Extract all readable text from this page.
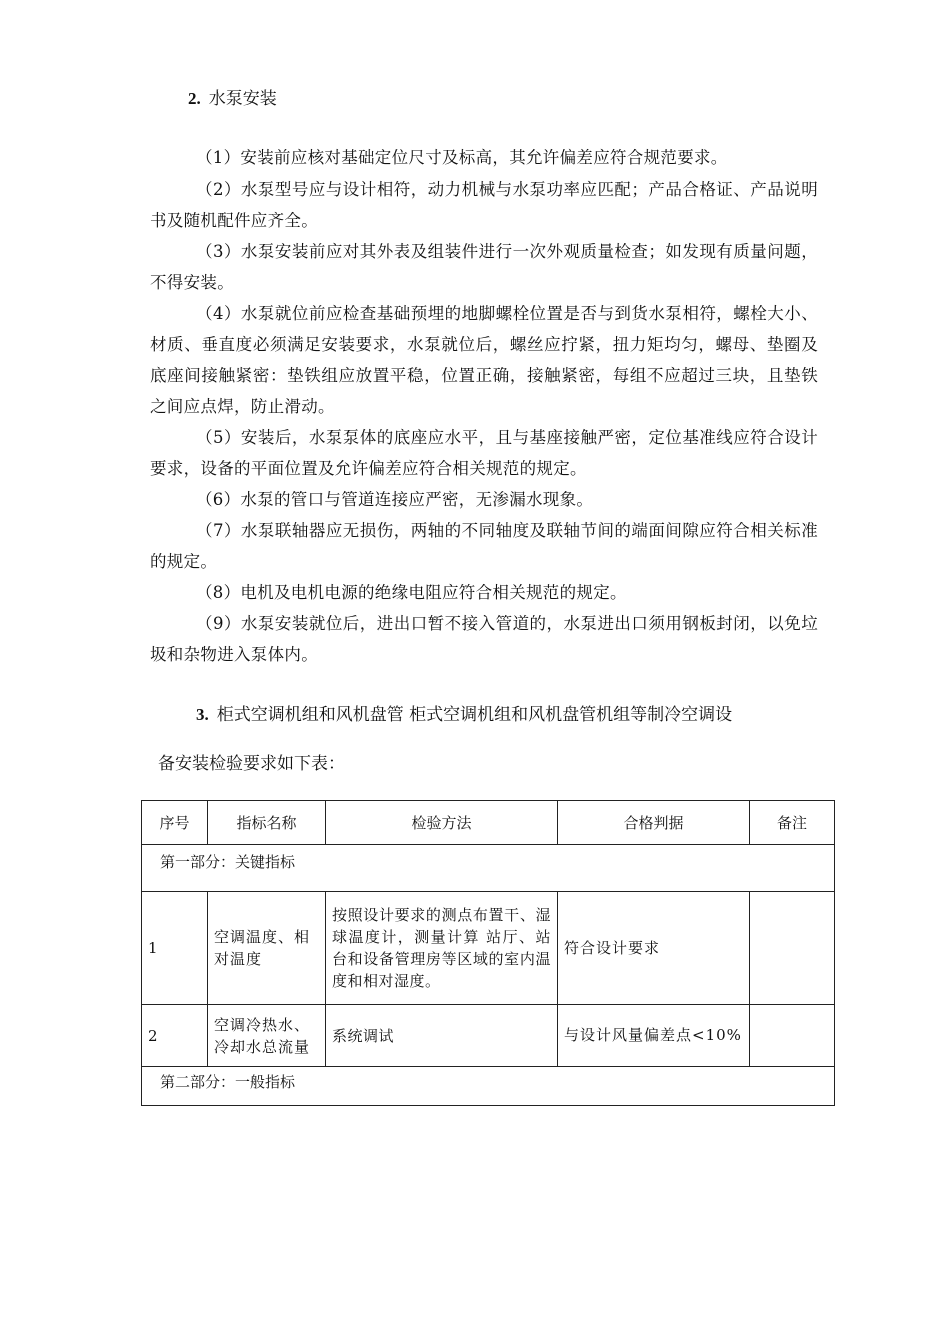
2. 水泵安装
（1）安装前应核对基础定位尺寸及标高，其允许偏差应符合规范要求。
（2）水泵型号应与设计相符，动力机械与水泵功率应匹配；产品合格证、产品说明书及随机配件应齐全。
（3）水泵安装前应对其外表及组装件进行一次外观质量检查；如发现有质量问题，不得安装。
（4）水泵就位前应检查基础预埋的地脚螺栓位置是否与到货水泵相符，螺栓大小、材质、垂直度必须满足安装要求，水泵就位后，螺丝应拧紧，扭力矩均匀，螺母、垫圈及底座间接触紧密：垫铁组应放置平稳，位置正确，接触紧密，每组不应超过三块，且垫铁之间应点焊，防止滑动。
（5）安装后，水泵泵体的底座应水平，且与基座接触严密，定位基准线应符合设计要求，设备的平面位置及允许偏差应符合相关规范的规定。
（6）水泵的管口与管道连接应严密，无渗漏水现象。
（7）水泵联轴器应无损伤，两轴的不同轴度及联轴节间的端面间隙应符合相关标准的规定。
（8）电机及电机电源的绝缘电阻应符合相关规范的规定。
（9）水泵安装就位后，进出口暂不接入管道的，水泵进出口须用钢板封闭，以免垃圾和杂物进入泵体内。
3. 柜式空调机组和风机盘管 柜式空调机组和风机盘管机组等制冷空调设
备安装检验要求如下表：
序号	指标名称	检验方法	合格判据	备注
第一部分：关键指标				
1	空调温度、相 对温度	按照设计要求的测点布置干、湿球温度计，测量计算 站厅、站台和设备管理房等区域的室内温度和相对湿度。	符合设计要求	
2	空调冷热水、冷却水总流量	系统调试	与设计风量偏差点<10%	
第二部分：一般指标				
